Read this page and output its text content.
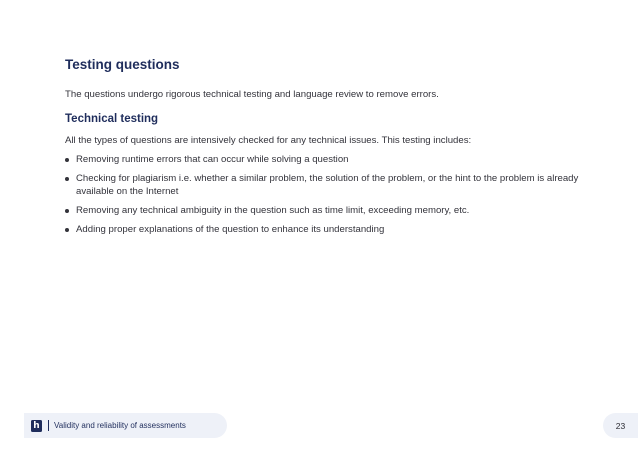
Testing questions
The questions undergo rigorous technical testing and language review to remove errors.
Technical testing
All the types of questions are intensively checked for any technical issues. This testing includes:
Removing runtime errors that can occur while solving a question
Checking for plagiarism i.e. whether a similar problem, the solution of the problem, or the hint to the problem is already available on the Internet
Removing any technical ambiguity in the question such as time limit, exceeding memory, etc.
Adding proper explanations of the question to enhance its understanding
h Validity and reliability of assessments	23
